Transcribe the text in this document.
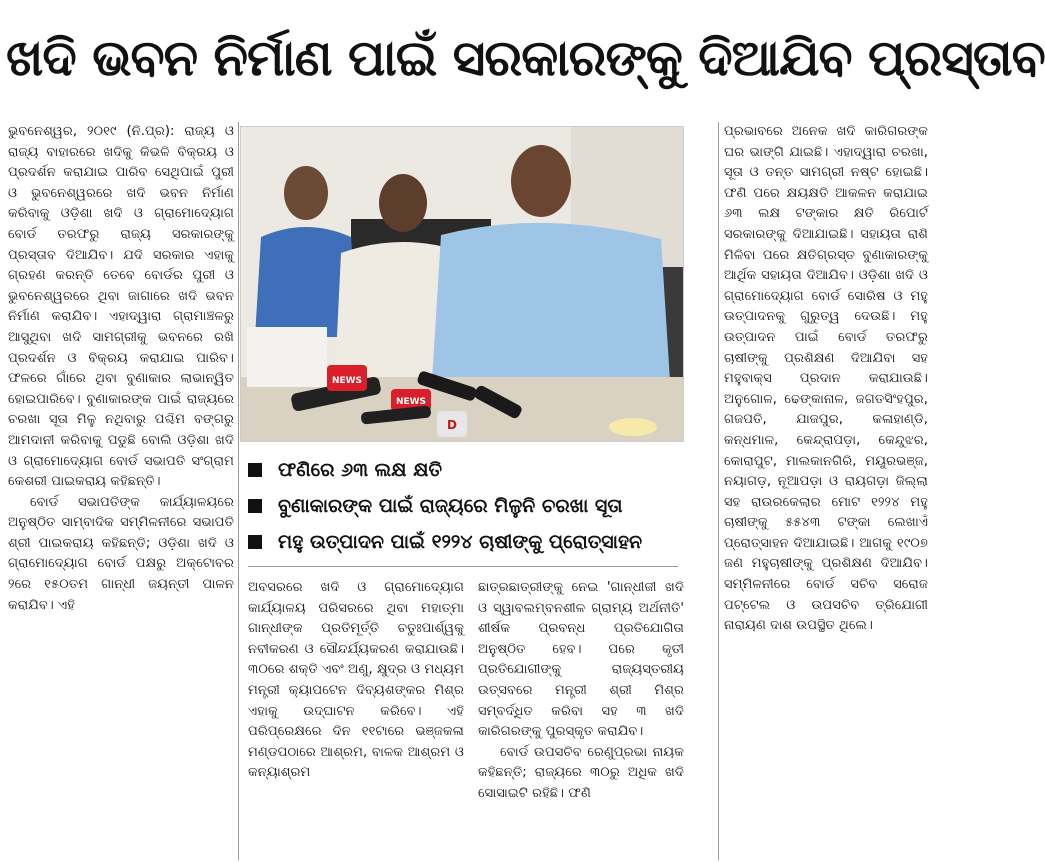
ଖଦି ଭବନ ନିର୍ମାଣ ପାଇଁ ସରକାରଙ୍କୁ ଦିଆଯିବ ପ୍ରସ୍ତାବ

ଭୁବନେଶ୍ୱର, ୨୦୧୯ (ନି.ପ୍ର): ରାଜ୍ୟ ଓ ରାଜ୍ୟ ବାହାରରେ ଖଦିକୁ କିଭଳି ବିକ୍ରୟ ଓ ପ୍ରଦର୍ଶନ କରାଯାଇ ପାରିବ ସେଥିପାଇଁ ପୁରୀ ଓ ଭୁବନେଶ୍ୱରରେ ଖଦି ଭବନ ନିର୍ମାଣ କରିବାକୁ ଓଡ଼ିଶା ଖଦି ଓ ଗ୍ରାମୋଦ୍ୟୋଗ ବୋର୍ଡ ତରଫରୁ ରାଜ୍ୟ ସରକାରଙ୍କୁ ପ୍ରସ୍ତାବ ଦିଆଯିବ। ଯଦି ସରକାର ଏହାକୁ ଗ୍ରହଣ କରନ୍ତି ତେବେ ବୋର୍ଡର ପୁରୀ ଓ ଭୁବନେଶ୍ୱରରେ ଥିବା ଜାଗାରେ ଖଦି ଭବନ ନିର୍ମାଣ କରାଯିବ। ଏହାଦ୍ୱାରା ଗ୍ରାମାଞ୍ଚଳରୁ ଆସୁଥିବା ଖଦି ସାମଗ୍ରୀକୁ ଭବନରେ ରଖି ପ୍ରଦର୍ଶନ ଓ ବିକ୍ରୟ କରାଯାଇ ପାରିବ। ଫଳରେ ଗାଁରେ ଥିବା ବୁଣାକାର ଲାଭାନ୍ୱିତ ହୋଇପାରିବେ। ବୁଣାକାରଙ୍କ ପାଇଁ ରାଜ୍ୟରେ ଚରଖା ସୂତା ମିଳୁ ନଥିବାରୁ ପଶ୍ଚିମ ବଙ୍ଗରୁ ଆମଦାନୀ କରିବାକୁ ପଡୁଛି ବୋଲି ଓଡ଼ିଶା ଖଦି ଓ ଗ୍ରାମୋଦ୍ୟୋଗ ବୋର୍ଡ ସଭାପତି ସଂଗ୍ରାମ କେଶରୀ ପାଇକରାୟ କହିଛନ୍ତି।

ବୋର୍ଡ ସଭାପତିଙ୍କ କାର୍ଯ୍ୟାଳୟରେ ଅନୁଷ୍ଠିତ ସାମ୍ବାଦିକ ସମ୍ମିଳନୀରେ ସଭାପତି ଶ୍ରୀ ପାଇକରାୟ କହିଛନ୍ତି; ଓଡ଼ିଶା ଖଦି ଓ ଗ୍ରାମୋଦ୍ୟୋଗ ବୋର୍ଡ ପକ୍ଷରୁ ଅକ୍ଟୋବର ୨ରେ ୧୫୦ତମ ଗାନ୍ଧୀ ଜୟନ୍ତୀ ପାଳନ କରାଯିବ। ଏହି

NEWS
NEWS
D
ଫଣିରେ ୬୩ ଲକ୍ଷ କ୍ଷତି
ବୁଣାକାରଙ୍କ ପାଇଁ ରାଜ୍ୟରେ ମିଳୁନି ଚରଖା ସୂତା
ମହୁ ଉତ୍ପାଦନ ପାଇଁ ୧୨୨୪ ଚାଷୀଙ୍କୁ ପ୍ରୋତ୍ସାହନ

ଅବସରରେ ଖଦି ଓ ଗ୍ରାମୋଦ୍ୟୋଗ କାର୍ଯ୍ୟାଳୟ ପରିସରରେ ଥିବା ମହାତ୍ମା ଗାନ୍ଧୀଙ୍କ ପ୍ରତିମୂର୍ତ୍ତି ଚତୁଃପାର୍ଶ୍ୱକୁ ନବୀକରଣ ଓ ସୌନ୍ଦର୍ଯ୍ୟକରଣ କରାଯାଉଛି। ୩୦ରେ ଶକ୍ତି ଏବଂ ଅଣୁ, କ୍ଷୁଦ୍ର ଓ ମଧ୍ୟମ ମନ୍ତ୍ରୀ କ୍ୟାପଟେନ ଦିବ୍ୟଶଙ୍କର ମିଶ୍ର ଏହାକୁ ଉଦ୍‌ଘାଟନ କରିବେ। ଏହି ପରିପ୍ରେକ୍ଷରେ ଦିନ ୧୧ଟାରେ ଭଞ୍ଜକଳା ମଣ୍ଡପଠାରେ ଆଶ୍ରମ, ବାଳକ ଆଶ୍ରମ ଓ କନ୍ୟାଶ୍ରମ

ଛାତ୍ରଛାତ୍ରୀଙ୍କୁ ନେଇ 'ଗାନ୍ଧୀଜୀ ଖଦି ଓ ସ୍ୱାବଲମ୍ବନଶୀଳ ଗ୍ରାମ୍ୟ ଅର୍ଥନୀତି' ଶୀର୍ଷକ ପ୍ରବନ୍ଧ ପ୍ରତିଯୋଗିତା ଅନୁଷ୍ଠିତ ହେବ। ପରେ କୃତୀ ପ୍ରତିଯୋଗୀଙ୍କୁ ରାଜ୍ୟସ୍ତରୀୟ ଉତ୍ସବରେ ମନ୍ତ୍ରୀ ଶ୍ରୀ ମିଶ୍ର ସମ୍ବର୍ଦ୍ଧିତ କରିବା ସହ ୩ ଖଦି କାରିଗରଙ୍କୁ ପୁରସ୍କୃତ କରାଯିବ।

ବୋର୍ଡ ଉପସଚିବ ରେଣୁପ୍ରଭା ନାୟକ କହିଛନ୍ତି; ରାଜ୍ୟରେ ୩୦ରୁ ଅଧିକ ଖଦି ସୋସାଇଟି ରହିଛି। ଫଣି

ପ୍ରଭାବରେ ଅନେକ ଖଦି କାରିଗରଙ୍କ ଘର ଭାଙ୍ଗି ଯାଇଛି। ଏହାଦ୍ୱାରା ଚରଖା, ସୂତା ଓ ତନ୍ତ ସାମଗ୍ରୀ ନଷ୍ଟ ହୋଇଛି। ଫଣି ପରେ କ୍ଷୟକ୍ଷତି ଆକଳନ କରାଯାଇ ୬୩ ଲକ୍ଷ ଟଙ୍କାର କ୍ଷତି ରିପୋର୍ଟ ସରକାରଙ୍କୁ ଦିଆଯାଇଛି। ସହାୟତା ରାଶି ମିଳିବା ପରେ କ୍ଷତିଗ୍ରସ୍ତ ବୁଣାକାରଙ୍କୁ ଆର୍ଥିକ ସହାୟତା ଦିଆଯିବ। ଓଡ଼ିଶା ଖଦି ଓ ଗ୍ରାମୋଦ୍ୟୋଗ ବୋର୍ଡ ସୋରିଷ ଓ ମହୁ ଉତ୍ପାଦନକୁ ଗୁରୁତ୍ୱ ଦେଉଛି। ମହୁ ଉତ୍ପାଦନ ପାଇଁ ବୋର୍ଡ ତରଫରୁ ଚାଷୀଙ୍କୁ ପ୍ରଶିକ୍ଷଣ ଦିଆଯିବା ସହ ମହୁବାକ୍ସ ପ୍ରଦାନ କରାଯାଉଛି। ଅନୁଗୋଳ, ଢେଙ୍କାନାଳ, ଜଗତସିଂହପୁର, ଗଜପତି, ଯାଜପୁର, କଳାହାଣ୍ଡି, କନ୍ଧମାଳ, କେନ୍ଦ୍ରାପଡ଼ା, କେନ୍ଦୁଝର, କୋରାପୁଟ, ମାଲକାନଗିରି, ମୟୂରଭଞ୍ଜ, ନୟାଗଡ଼, ନୂଆପଡ଼ା ଓ ରାୟଗଡ଼ା ଜିଲ୍ଲା ସହ ରାଉରକେଲାର ମୋଟ ୧୨୨୪ ମହୁ ଚାଷୀଙ୍କୁ ୫୫୪୩ ଟଙ୍କା ଲେଖାଏଁ ପ୍ରୋତ୍ସାହନ ଦିଆଯାଇଛି। ଆଗକୁ ୧୯୦୭ ଜଣ ମହୁଚାଷୀଙ୍କୁ ପ୍ରଶିକ୍ଷଣ ଦିଆଯିବ। ସମ୍ମିଳନୀରେ ବୋର୍ଡ ସଚିବ ସରୋଜ ପଟ୍ଟେଲ ଓ ଉପସଚିବ ତ୍ରିଯୋଗୀ ନାରାୟଣ ଦାଶ ଉପସ୍ଥିତ ଥିଲେ।
